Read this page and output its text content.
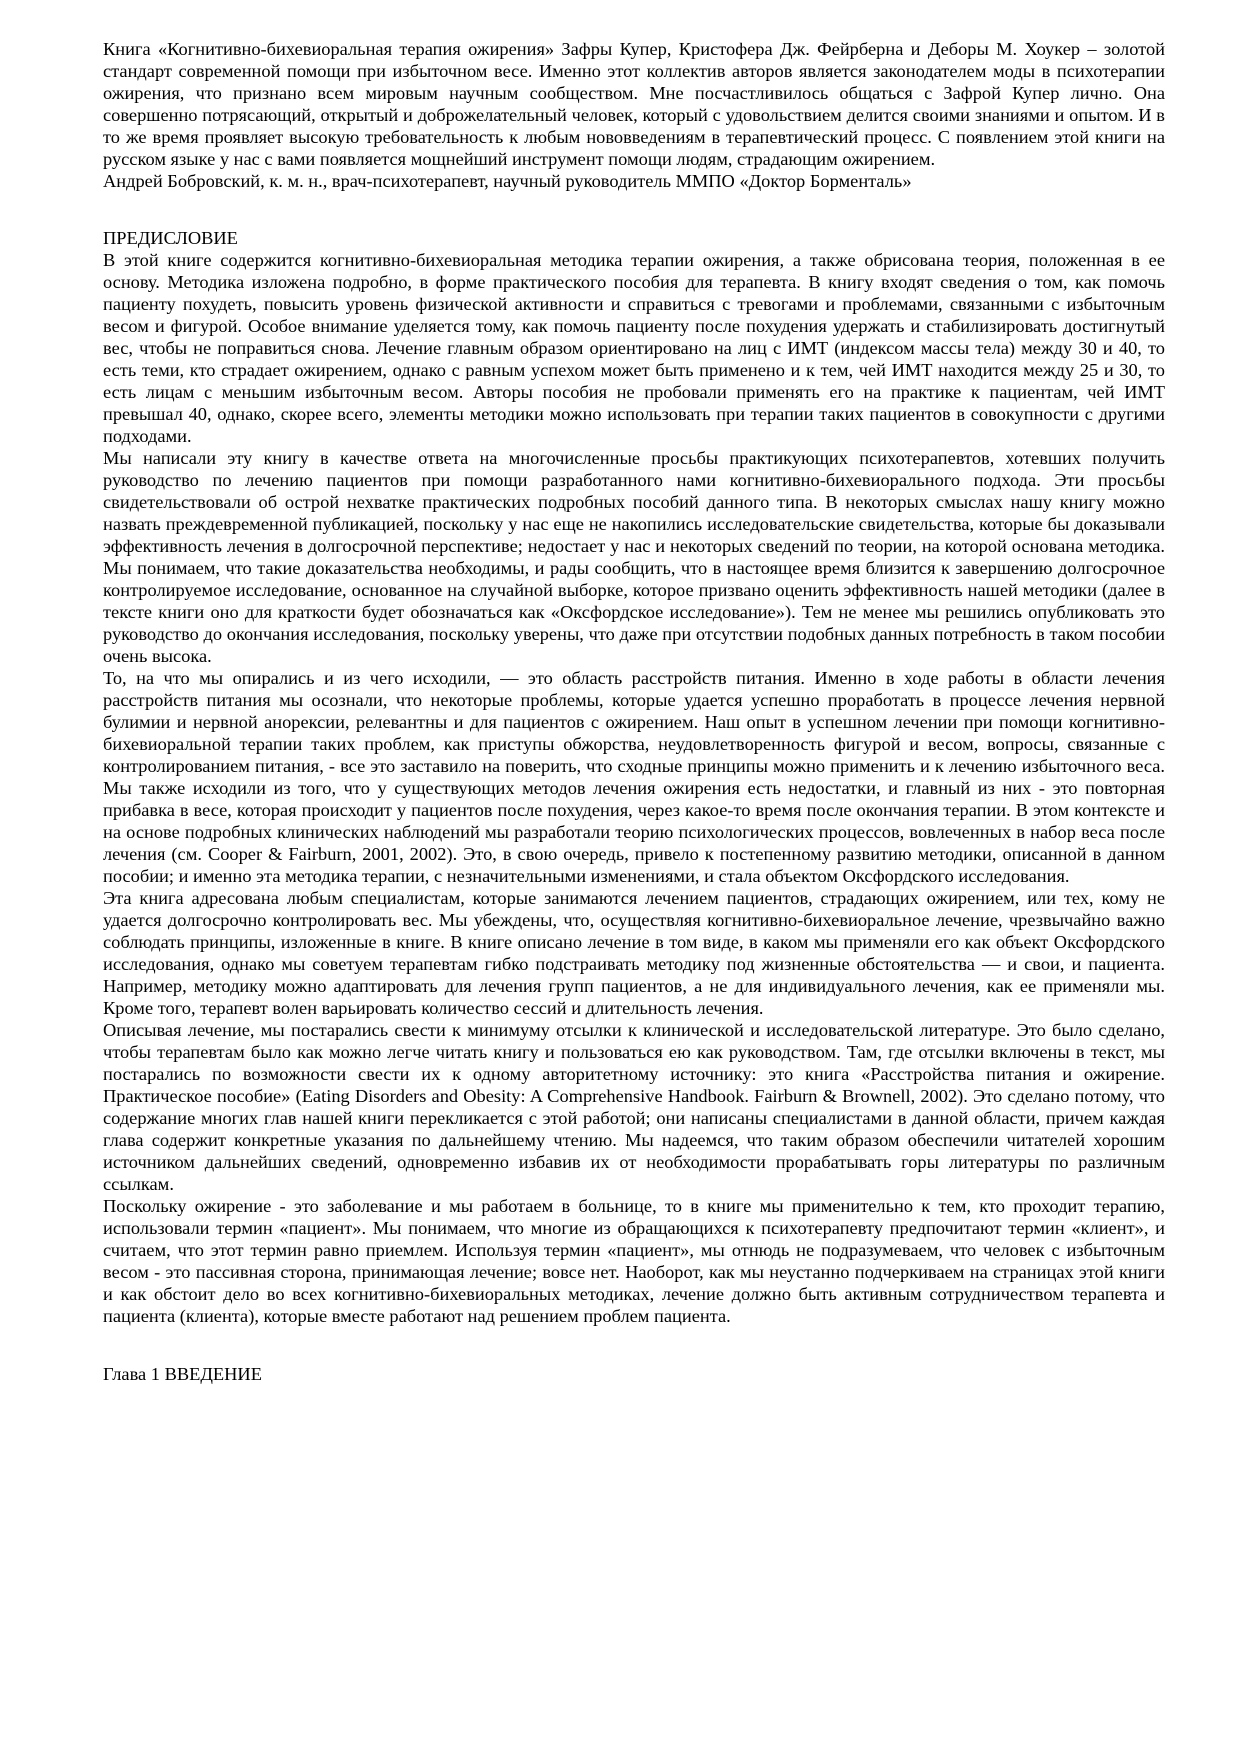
Книга «Когнитивно-бихевиоральная терапия ожирения» Зафры Купер, Кристофера Дж. Фейрберна и Деборы М. Хоукер – золотой стандарт современной помощи при избыточном весе. Именно этот коллектив авторов является законодателем моды в психотерапии ожирения, что признано всем мировым научным сообществом. Мне посчастливилось общаться с Зафрой Купер лично. Она совершенно потрясающий, открытый и доброжелательный человек, который с удовольствием делится своими знаниями и опытом. И в то же время проявляет высокую требовательность к любым нововведениям в терапевтический процесс. С появлением этой книги на русском языке у нас с вами появляется мощнейший инструмент помощи людям, страдающим ожирением.

Андрей Бобровский, к. м. н., врач-психотерапевт, научный руководитель ММПО «Доктор Борменталь»

ПРЕДИСЛОВИЕ

В этой книге содержится когнитивно-бихевиоральная методика терапии ожирения, а также обрисована теория, положенная в ее основу. Методика изложена подробно, в форме практического пособия для терапевта. В книгу входят сведения о том, как помочь пациенту похудеть, повысить уровень физической активности и справиться с тревогами и проблемами, связанными с избыточным весом и фигурой. Особое внимание уделяется тому, как помочь пациенту после похудения удержать и стабилизировать достигнутый вес, чтобы не поправиться снова. Лечение главным образом ориентировано на лиц с ИМТ (индексом массы тела) между 30 и 40, то есть теми, кто страдает ожирением, однако с равным успехом может быть применено и к тем, чей ИМТ находится между 25 и 30, то есть лицам с меньшим избыточным весом. Авторы пособия не пробовали применять его на практике к пациентам, чей ИМТ превышал 40, однако, скорее всего, элементы методики можно использовать при терапии таких пациентов в совокупности с другими подходами.

Мы написали эту книгу в качестве ответа на многочисленные просьбы практикующих психотерапевтов, хотевших получить руководство по лечению пациентов при помощи разработанного нами когнитивно-бихевиорального подхода. Эти просьбы свидетельствовали об острой нехватке практических подробных пособий данного типа. В некоторых смыслах нашу книгу можно назвать преждевременной публикацией, поскольку у нас еще не накопились исследовательские свидетельства, которые бы доказывали эффективность лечения в долгосрочной перспективе; недостает у нас и некоторых сведений по теории, на которой основана методика. Мы понимаем, что такие доказательства необходимы, и рады сообщить, что в настоящее время близится к завершению долгосрочное контролируемое исследование, основанное на случайной выборке, которое призвано оценить эффективность нашей методики (далее в тексте книги оно для краткости будет обозначаться как «Оксфордское исследование»). Тем не менее мы решились опубликовать это руководство до окончания исследования, поскольку уверены, что даже при отсутствии подобных данных потребность в таком пособии очень высока.

То, на что мы опирались и из чего исходили, — это область расстройств питания. Именно в ходе работы в области лечения расстройств питания мы осознали, что некоторые проблемы, которые удается успешно проработать в процессе лечения нервной булимии и нервной анорексии, релевантны и для пациентов с ожирением. Наш опыт в успешном лечении при помощи когнитивно-бихевиоральной терапии таких проблем, как приступы обжорства, неудовлетворенность фигурой и весом, вопросы, связанные с контролированием питания, - все это заставило на поверить, что сходные принципы можно применить и к лечению избыточного веса. Мы также исходили из того, что у существующих методов лечения ожирения есть недостатки, и главный из них - это повторная прибавка в весе, которая происходит у пациентов после похудения, через какое-то время после окончания терапии. В этом контексте и на основе подробных клинических наблюдений мы разработали теорию психологических процессов, вовлеченных в набор веса после лечения (см. Cooper & Fairburn, 2001, 2002). Это, в свою очередь, привело к постепенному развитию методики, описанной в данном пособии; и именно эта методика терапии, с незначительными изменениями, и стала объектом Оксфордского исследования.

Эта книга адресована любым специалистам, которые занимаются лечением пациентов, страдающих ожирением, или тех, кому не удается долгосрочно контролировать вес. Мы убеждены, что, осуществляя когнитивно-бихевиоральное лечение, чрезвычайно важно соблюдать принципы, изложенные в книге. В книге описано лечение в том виде, в каком мы применяли его как объект Оксфордского исследования, однако мы советуем терапевтам гибко подстраивать методику под жизненные обстоятельства — и свои, и пациента. Например, методику можно адаптировать для лечения групп пациентов, а не для индивидуального лечения, как ее применяли мы. Кроме того, терапевт волен варьировать количество сессий и длительность лечения.

Описывая лечение, мы постарались свести к минимуму отсылки к клинической и исследовательской литературе. Это было сделано, чтобы терапевтам было как можно легче читать книгу и пользоваться ею как руководством. Там, где отсылки включены в текст, мы постарались по возможности свести их к одному авторитетному источнику: это книга «Расстройства питания и ожирение. Практическое пособие» (Eating Disorders and Obesity: A Comprehensive Handbook. Fairburn & Brownell, 2002). Это сделано потому, что содержание многих глав нашей книги перекликается с этой работой; они написаны специалистами в данной области, причем каждая глава содержит конкретные указания по дальнейшему чтению. Мы надеемся, что таким образом обеспечили читателей хорошим источником дальнейших сведений, одновременно избавив их от необходимости прорабатывать горы литературы по различным ссылкам.

Поскольку ожирение - это заболевание и мы работаем в больнице, то в книге мы применительно к тем, кто проходит терапию, использовали термин «пациент». Мы понимаем, что многие из обращающихся к психотерапевту предпочитают термин «клиент», и считаем, что этот термин равно приемлем. Используя термин «пациент», мы отнюдь не подразумеваем, что человек с избыточным весом - это пассивная сторона, принимающая лечение; вовсе нет. Наоборот, как мы неустанно подчеркиваем на страницах этой книги и как обстоит дело во всех когнитивно-бихевиоральных методиках, лечение должно быть активным сотрудничеством терапевта и пациента (клиента), которые вместе работают над решением проблем пациента.

Глава 1 ВВЕДЕНИЕ
